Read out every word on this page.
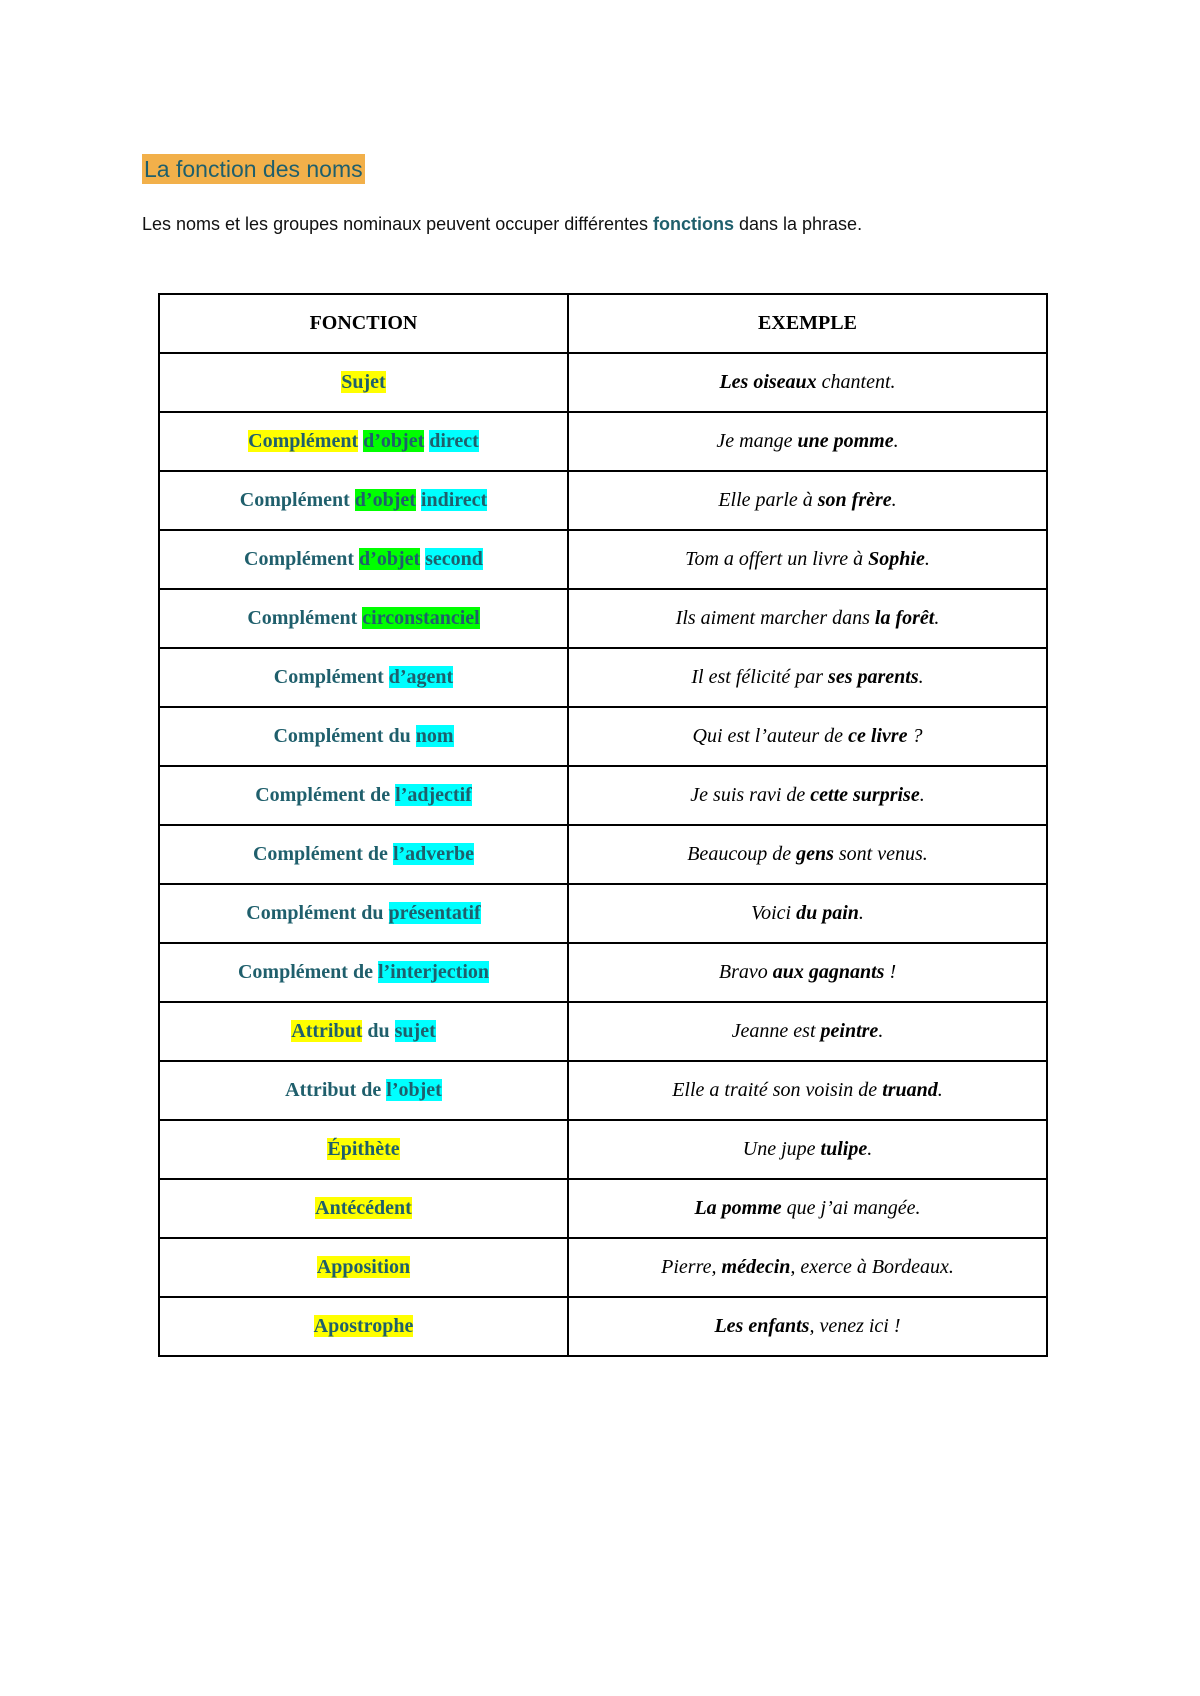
La fonction des noms
Les noms et les groupes nominaux peuvent occuper différentes fonctions dans la phrase.
FONCTION	EXEMPLE
Sujet	Les oiseaux chantent.
Complément d’objet direct	Je mange une pomme.
Complément d’objet indirect	Elle parle à son frère.
Complément d’objet second	Tom a offert un livre à Sophie.
Complément circonstanciel	Ils aiment marcher dans la forêt.
Complément d’agent	Il est félicité par ses parents.
Complément du nom	Qui est l’auteur de ce livre ?
Complément de l’adjectif	Je suis ravi de cette surprise.
Complément de l’adverbe	Beaucoup de gens sont venus.
Complément du présentatif	Voici du pain.
Complément de l’interjection	Bravo aux gagnants !
Attribut du sujet	Jeanne est peintre.
Attribut de l’objet	Elle a traité son voisin de truand.
Épithète	Une jupe tulipe.
Antécédent	La pomme que j’ai mangée.
Apposition	Pierre, médecin, exerce à Bordeaux.
Apostrophe	Les enfants, venez ici !
